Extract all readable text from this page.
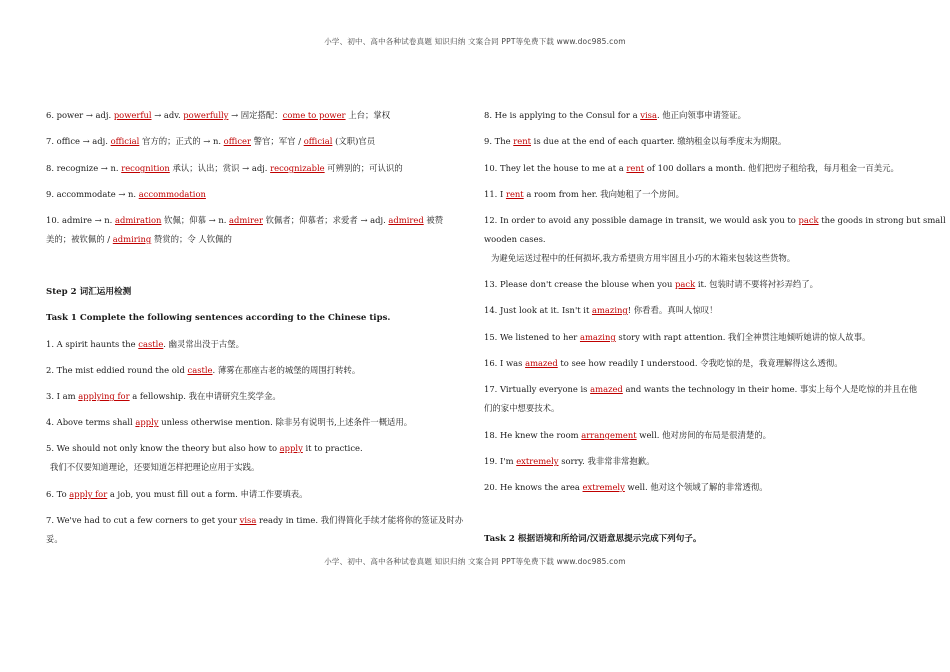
小学、初中、高中各种试卷真题 知识归纳 文案合同 PPT等免费下载 www.doc985.com
6. power → adj. powerful → adv. powerfully → 固定搭配：come to power 上台；掌权
7. office → adj. official 官方的；正式的 → n. officer 警官；军官 / official (文职)官员
8. recognize → n. recognition 承认；认出；赏识 → adj. recognizable 可辨别的；可认识的
9. accommodate → n. accommodation
10. admire → n. admiration 钦佩；仰慕 → n. admirer 钦佩者；仰慕者；求爱者 → adj. admired 被赞
美的；被钦佩的 / admiring 赞赏的；令 人钦佩的
Step 2 词汇运用检测
Task 1 Complete the following sentences according to the Chinese tips.
1. A spirit haunts the castle. 幽灵常出没于古堡。
2. The mist eddied round the old castle. 薄雾在那座古老的城堡的周围打转转。
3. I am applying for a fellowship. 我在申请研究生奖学金。
4. Above terms shall apply unless otherwise mention. 除非另有说明书,上述条件一概适用。
5. We should not only know the theory but also how to apply it to practice.
我们不仅要知道理论，还要知道怎样把理论应用于实践。
6. To apply for a job, you must fill out a form. 申请工作要填表。
7. We've had to cut a few corners to get your visa ready in time. 我们得简化手续才能将你的签证及时办
妥。
8. He is applying to the Consul for a visa. 他正向领事申请签证。
9. The rent is due at the end of each quarter. 缴纳租金以每季度末为期限。
10. They let the house to me at a rent of 100 dollars a month. 他们把房子租给我，每月租金一百美元。
11. I rent a room from her. 我向她租了一个房间。
12. In order to avoid any possible damage in transit, we would ask you to pack the goods in strong but small
wooden cases.
为避免运送过程中的任何损坏,我方希望贵方用牢固且小巧的木箱来包装这些货物。
13. Please don't crease the blouse when you pack it. 包装时请不要将衬衫弄绉了。
14. Just look at it. Isn't it amazing! 你看看。真叫人惊叹！
15. We listened to her amazing story with rapt attention. 我们全神贯注地倾听她讲的惊人故事。
16. I was amazed to see how readily I understood. 令我吃惊的是，我竟理解得这么透彻。
17. Virtually everyone is amazed and wants the technology in their home. 事实上每个人是吃惊的并且在他
们的家中想要技术。
18. He knew the room arrangement well. 他对房间的布局是很清楚的。
19. I'm extremely sorry. 我非常非常抱歉。
20. He knows the area extremely well. 他对这个领域了解的非常透彻。
Task 2 根据语境和所给词/汉语意思提示完成下列句子。
小学、初中、高中各种试卷真题 知识归纳 文案合同 PPT等免费下载 www.doc985.com
